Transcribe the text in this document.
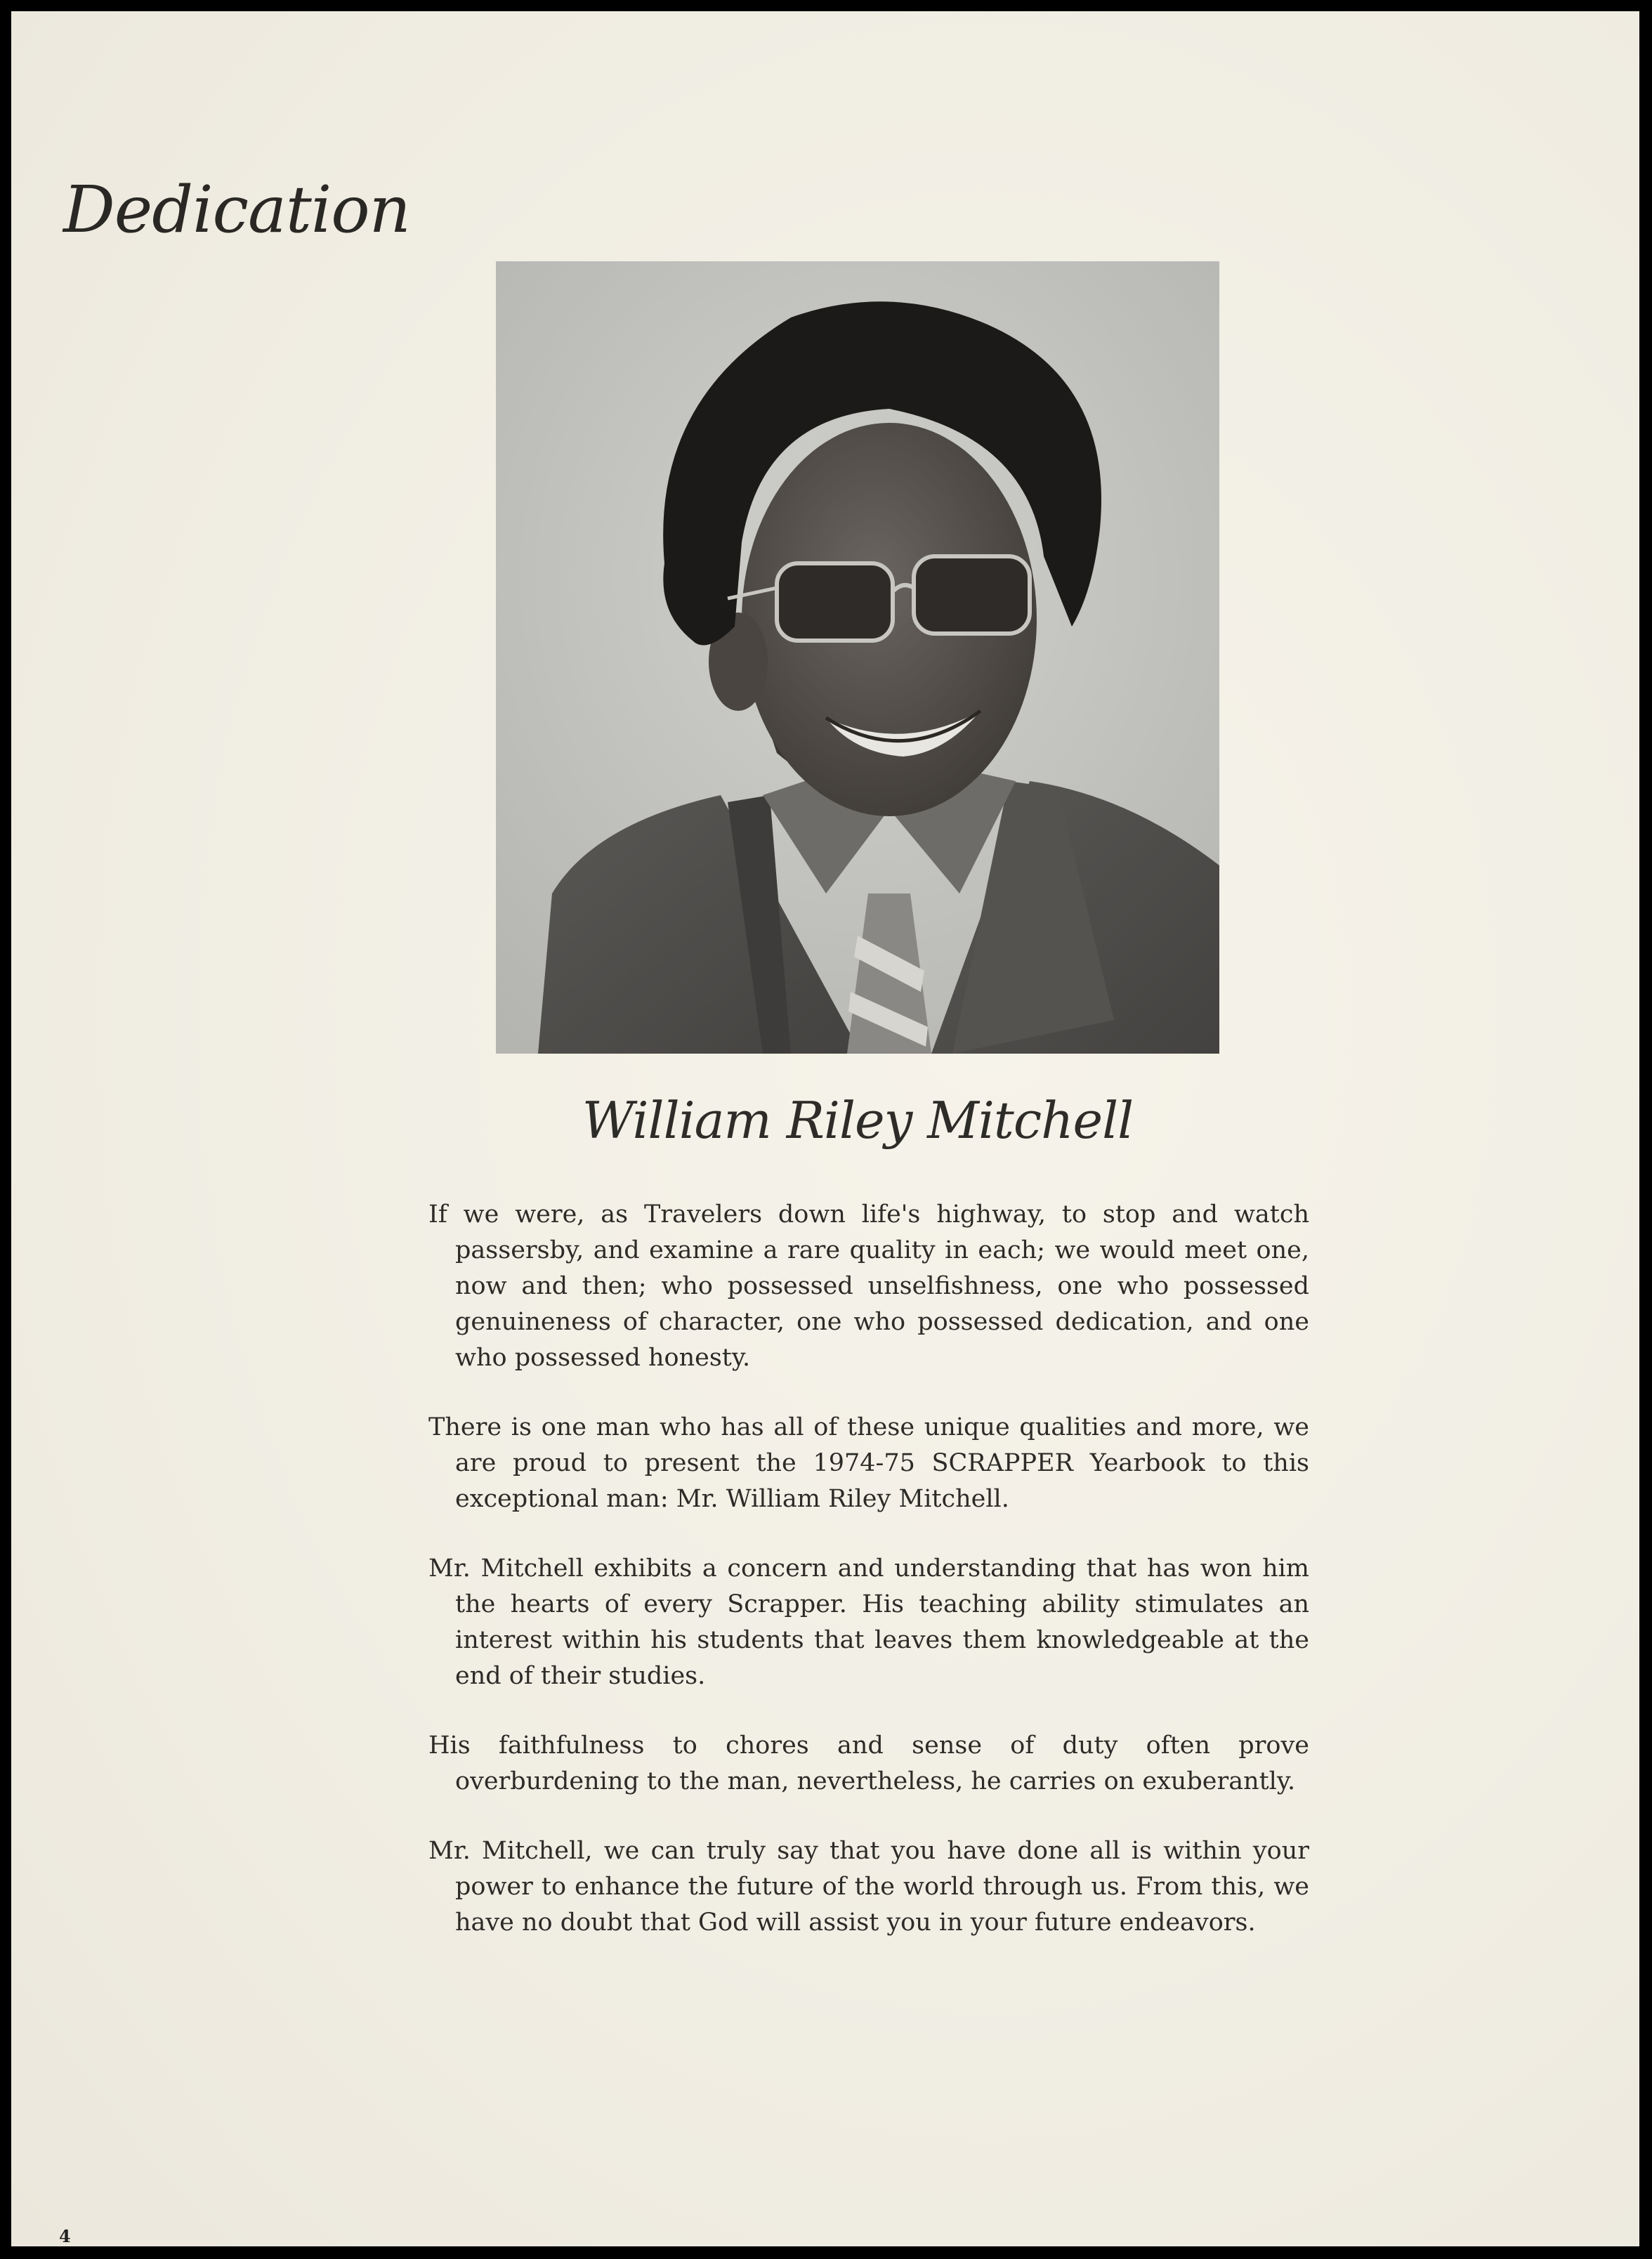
Dedication
William Riley Mitchell

If we were, as Travelers down life's highway, to stop and watch passersby, and examine a rare quality in each; we would meet one, now and then; who possessed unselfishness, one who possessed genuineness of character, one who possessed dedication, and one who possessed honesty.

There is one man who has all of these unique qualities and more, we are proud to present the 1974-75 SCRAPPER Yearbook to this exceptional man: Mr. William Riley Mitchell.

Mr. Mitchell exhibits a concern and understanding that has won him the hearts of every Scrapper. His teaching ability stimulates an interest within his students that leaves them knowledgeable at the end of their studies.

His faithfulness to chores and sense of duty often prove overburdening to the man, nevertheless, he carries on exuberantly.

Mr. Mitchell, we can truly say that you have done all is within your power to enhance the future of the world through us. From this, we have no doubt that God will assist you in your future endeavors.

4
